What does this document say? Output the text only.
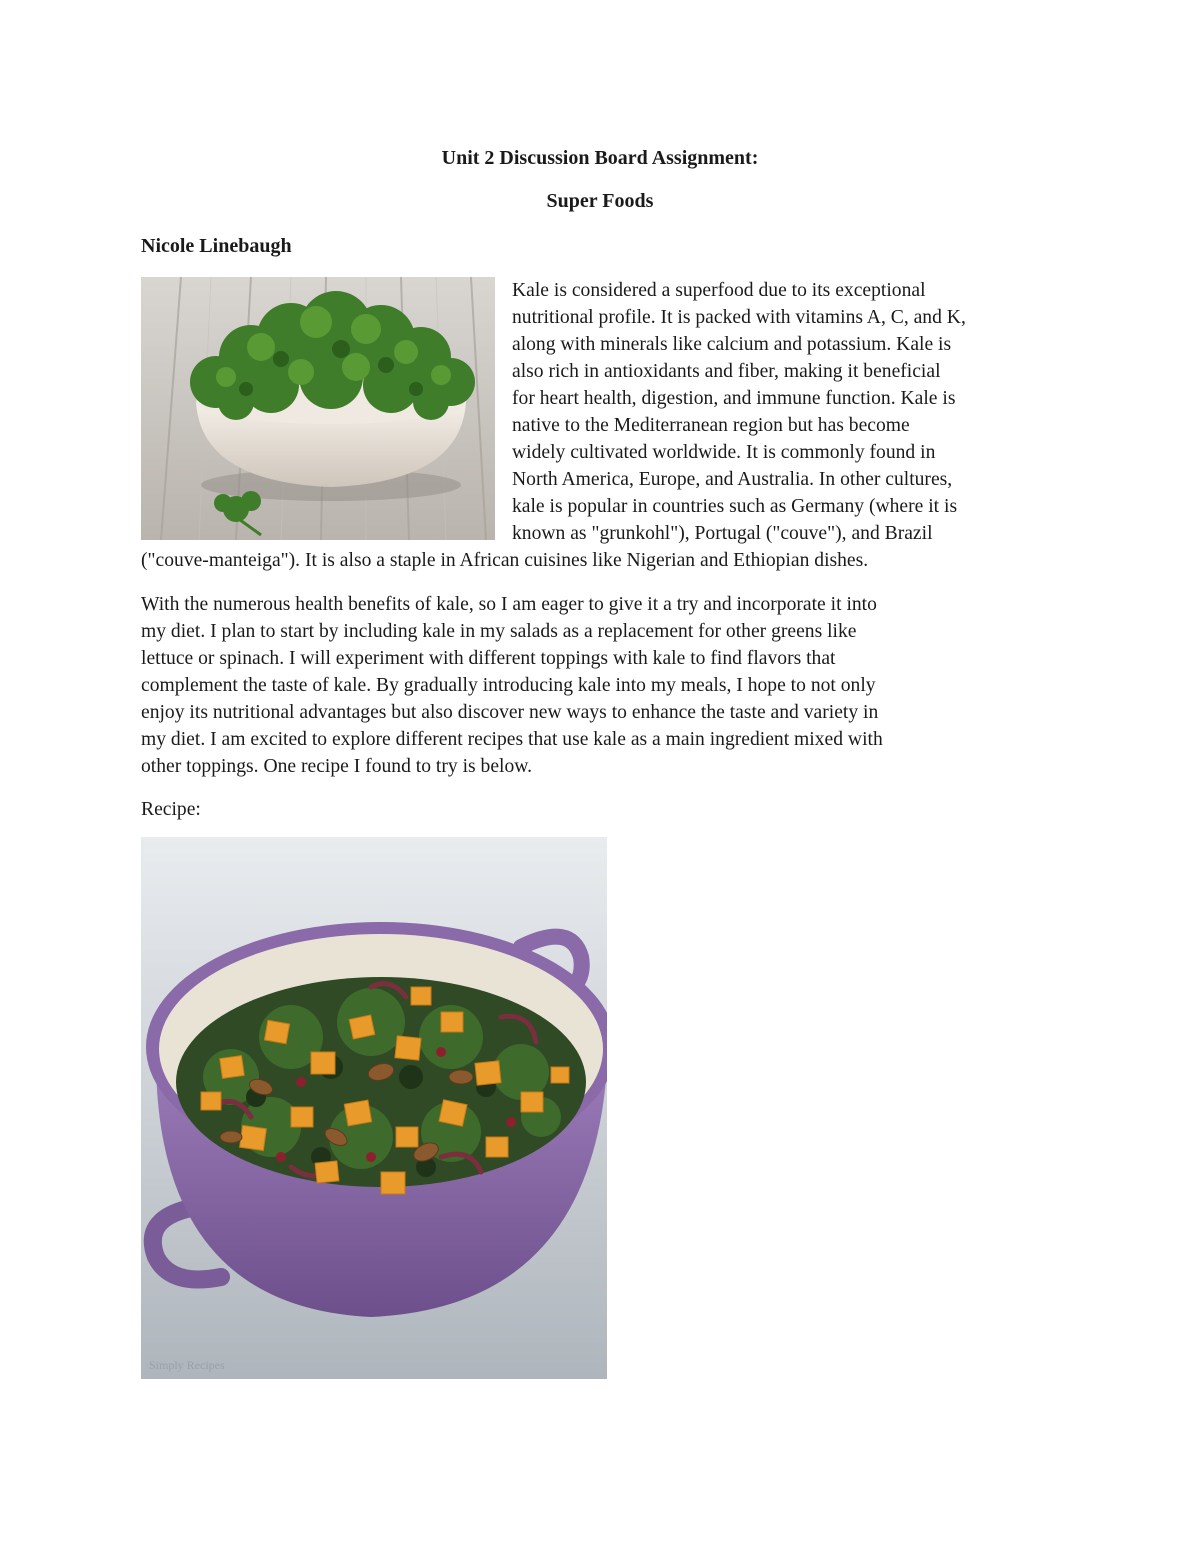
Unit 2 Discussion Board Assignment:
Super Foods
Nicole Linebaugh

Kale is considered a superfood due to its exceptional
nutritional profile. It is packed with vitamins A, C, and K,
along with minerals like calcium and potassium. Kale is
also rich in antioxidants and fiber, making it beneficial
for heart health, digestion, and immune function. Kale is
native to the Mediterranean region but has become
widely cultivated worldwide. It is commonly found in
North America, Europe, and Australia. In other cultures,
kale is popular in countries such as Germany (where it is
known as "grunkohl"), Portugal ("couve"), and Brazil

("couve-manteiga"). It is also a staple in African cuisines like Nigerian and Ethiopian dishes.

With the numerous health benefits of kale, so I am eager to give it a try and incorporate it into
my diet. I plan to start by including kale in my salads as a replacement for other greens like
lettuce or spinach. I will experiment with different toppings with kale to find flavors that
complement the taste of kale. By gradually introducing kale into my meals, I hope to not only
enjoy its nutritional advantages but also discover new ways to enhance the taste and variety in
my diet. I am excited to explore different recipes that use kale as a main ingredient mixed with
other toppings. One recipe I found to try is below.

Recipe:

Simply Recipes
